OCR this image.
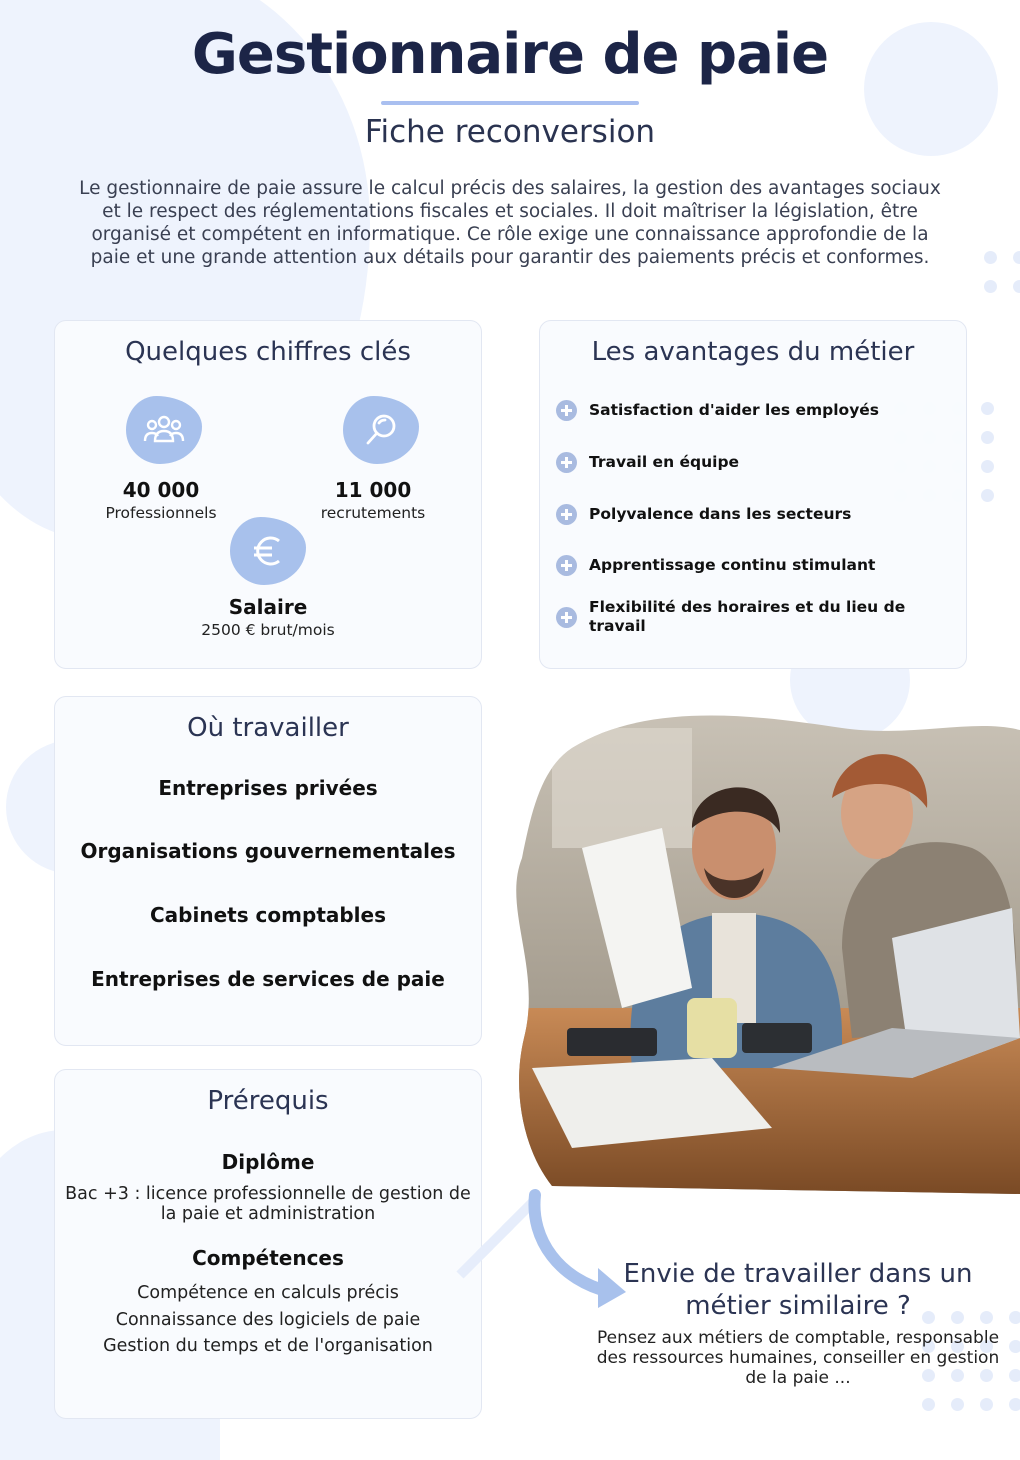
Gestionnaire de paie
Fiche reconversion
Le gestionnaire de paie assure le calcul précis des salaires, la gestion des avantages sociaux et le respect des réglementations fiscales et sociales. Il doit maîtriser la législation, être organisé et compétent en informatique. Ce rôle exige une connaissance approfondie de la paie et une grande attention aux détails pour garantir des paiements précis et conformes.
Quelques chiffres clés
40 000
Professionnels
11 000
recrutements
Salaire
2500 € brut/mois
Les avantages du métier
Satisfaction d'aider les employés
Travail en équipe
Polyvalence dans les secteurs
Apprentissage continu stimulant
Flexibilité des horaires et du lieu de travail
Où travailler
Entreprises privées
Organisations gouvernementales
Cabinets comptables
Entreprises de services de paie
Prérequis
Diplôme
Bac +3 : licence professionnelle de gestion de la paie et administration
Compétences
Compétence en calculs précis
Connaissance des logiciels de paie
Gestion du temps et de l'organisation
Envie de travailler dans un métier similaire ?
Pensez aux métiers de comptable, responsable des ressources humaines, conseiller en gestion de la paie ...
